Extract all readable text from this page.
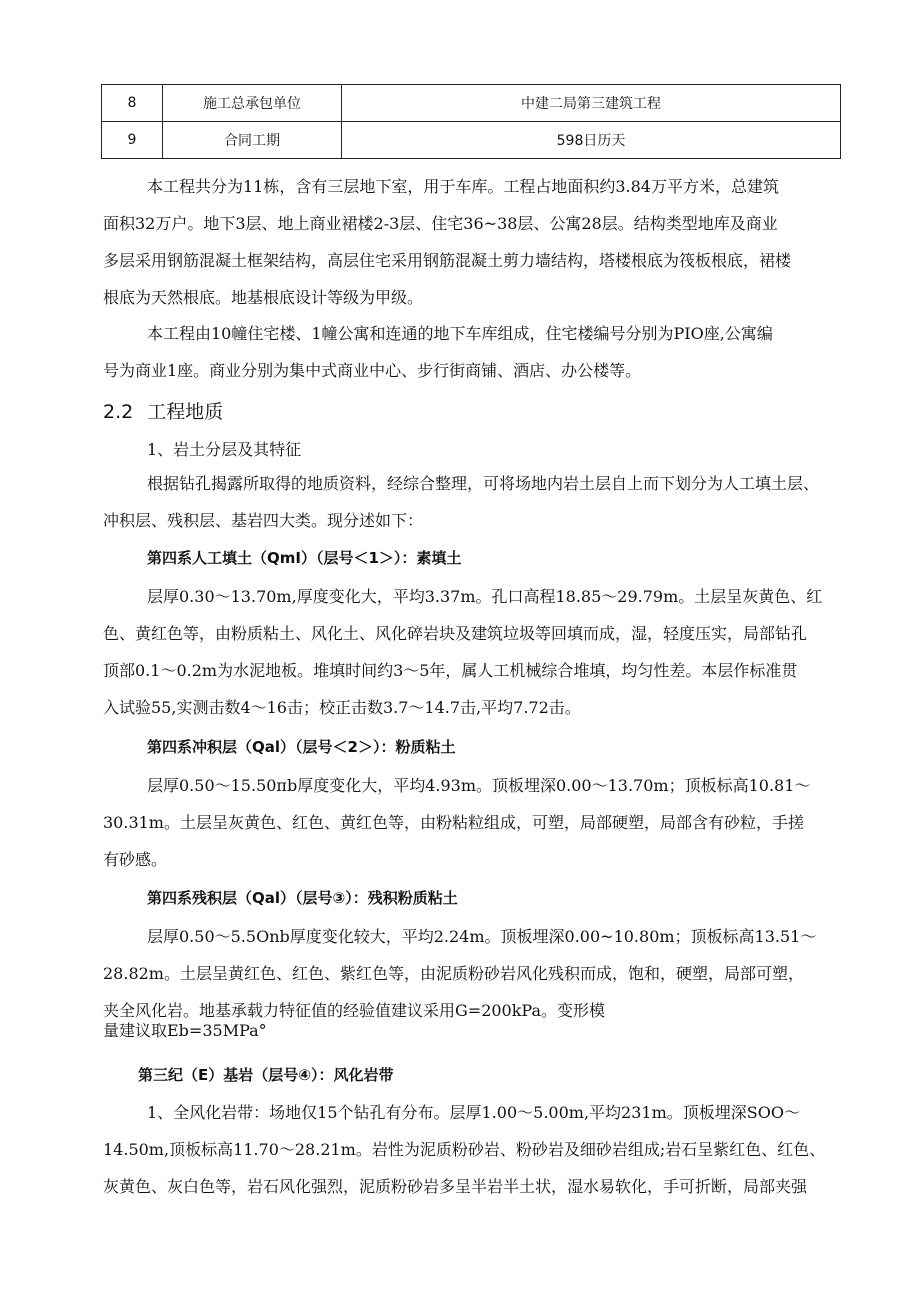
8	施工总承包单位	中建二局第三建筑工程
9	合同工期	598日历天
本工程共分为11栋，含有三层地下室，用于车库。工程占地面积约3.84万平方米，总建筑
面积32万户。地下3层、地上商业裙楼2-3层、住宅36~38层、公寓28层。结构类型地库及商业
多层采用钢筋混凝土框架结构，高层住宅采用钢筋混凝土剪力墙结构，塔楼根底为筏板根底，裙楼
根底为天然根底。地基根底设计等级为甲级。
本工程由10幢住宅楼、1幢公寓和连通的地下车库组成，住宅楼编号分别为PIO座,公寓编
号为商业1座。商业分别为集中式商业中心、步行街商铺、酒店、办公楼等。
2.2 工程地质
1、岩土分层及其特征
根据钻孔揭露所取得的地质资料，经综合整理，可将场地内岩土层自上而下划分为人工填土层、
冲积层、残积层、基岩四大类。现分述如下：
第四系人工填土（QmI）（层号＜1＞）：素填土
层厚0.30～13.70m,厚度变化大，平均3.37m。孔口高程18.85～29.79m。土层呈灰黄色、红
色、黄红色等，由粉质粘土、风化土、风化碎岩块及建筑垃圾等回填而成，湿，轻度压实，局部钻孔
顶部0.1～0.2m为水泥地板。堆填时间约3～5年，属人工机械综合堆填，均匀性差。本层作标准贯
入试验55,实测击数4～16击；校正击数3.7～14.7击,平均7.72击。
第四系冲积层（Qal）（层号＜2＞）：粉质粘土
层厚0.50～15.50πb厚度变化大，平均4.93m。顶板埋深0.00～13.70m；顶板标高10.81～
30.31m。土层呈灰黄色、红色、黄红色等，由粉粘粒组成，可塑，局部硬塑，局部含有砂粒，手搓
有砂感。
第四系残积层（Qal）（层号③）：残积粉质粘土
层厚0.50～5.5Onb厚度变化较大，平均2.24m。顶板埋深0.00~10.80m；顶板标高13.51～
28.82m。土层呈黄红色、红色、紫红色等，由泥质粉砂岩风化残积而成，饱和，硬塑，局部可塑，
夹全风化岩。地基承载力特征值的经验值建议采用G=200kPa。变形模
量建议取Eb=35MPa°
第三纪（E）基岩（层号④）：风化岩带
1、全风化岩带：场地仅15个钻孔有分布。层厚1.00～5.00m,平均231m。顶板埋深SOO～
14.50m,顶板标高11.70～28.21m。岩性为泥质粉砂岩、粉砂岩及细砂岩组成;岩石呈紫红色、红色、
灰黄色、灰白色等，岩石风化强烈，泥质粉砂岩多呈半岩半土状，湿水易软化，手可折断，局部夹强
